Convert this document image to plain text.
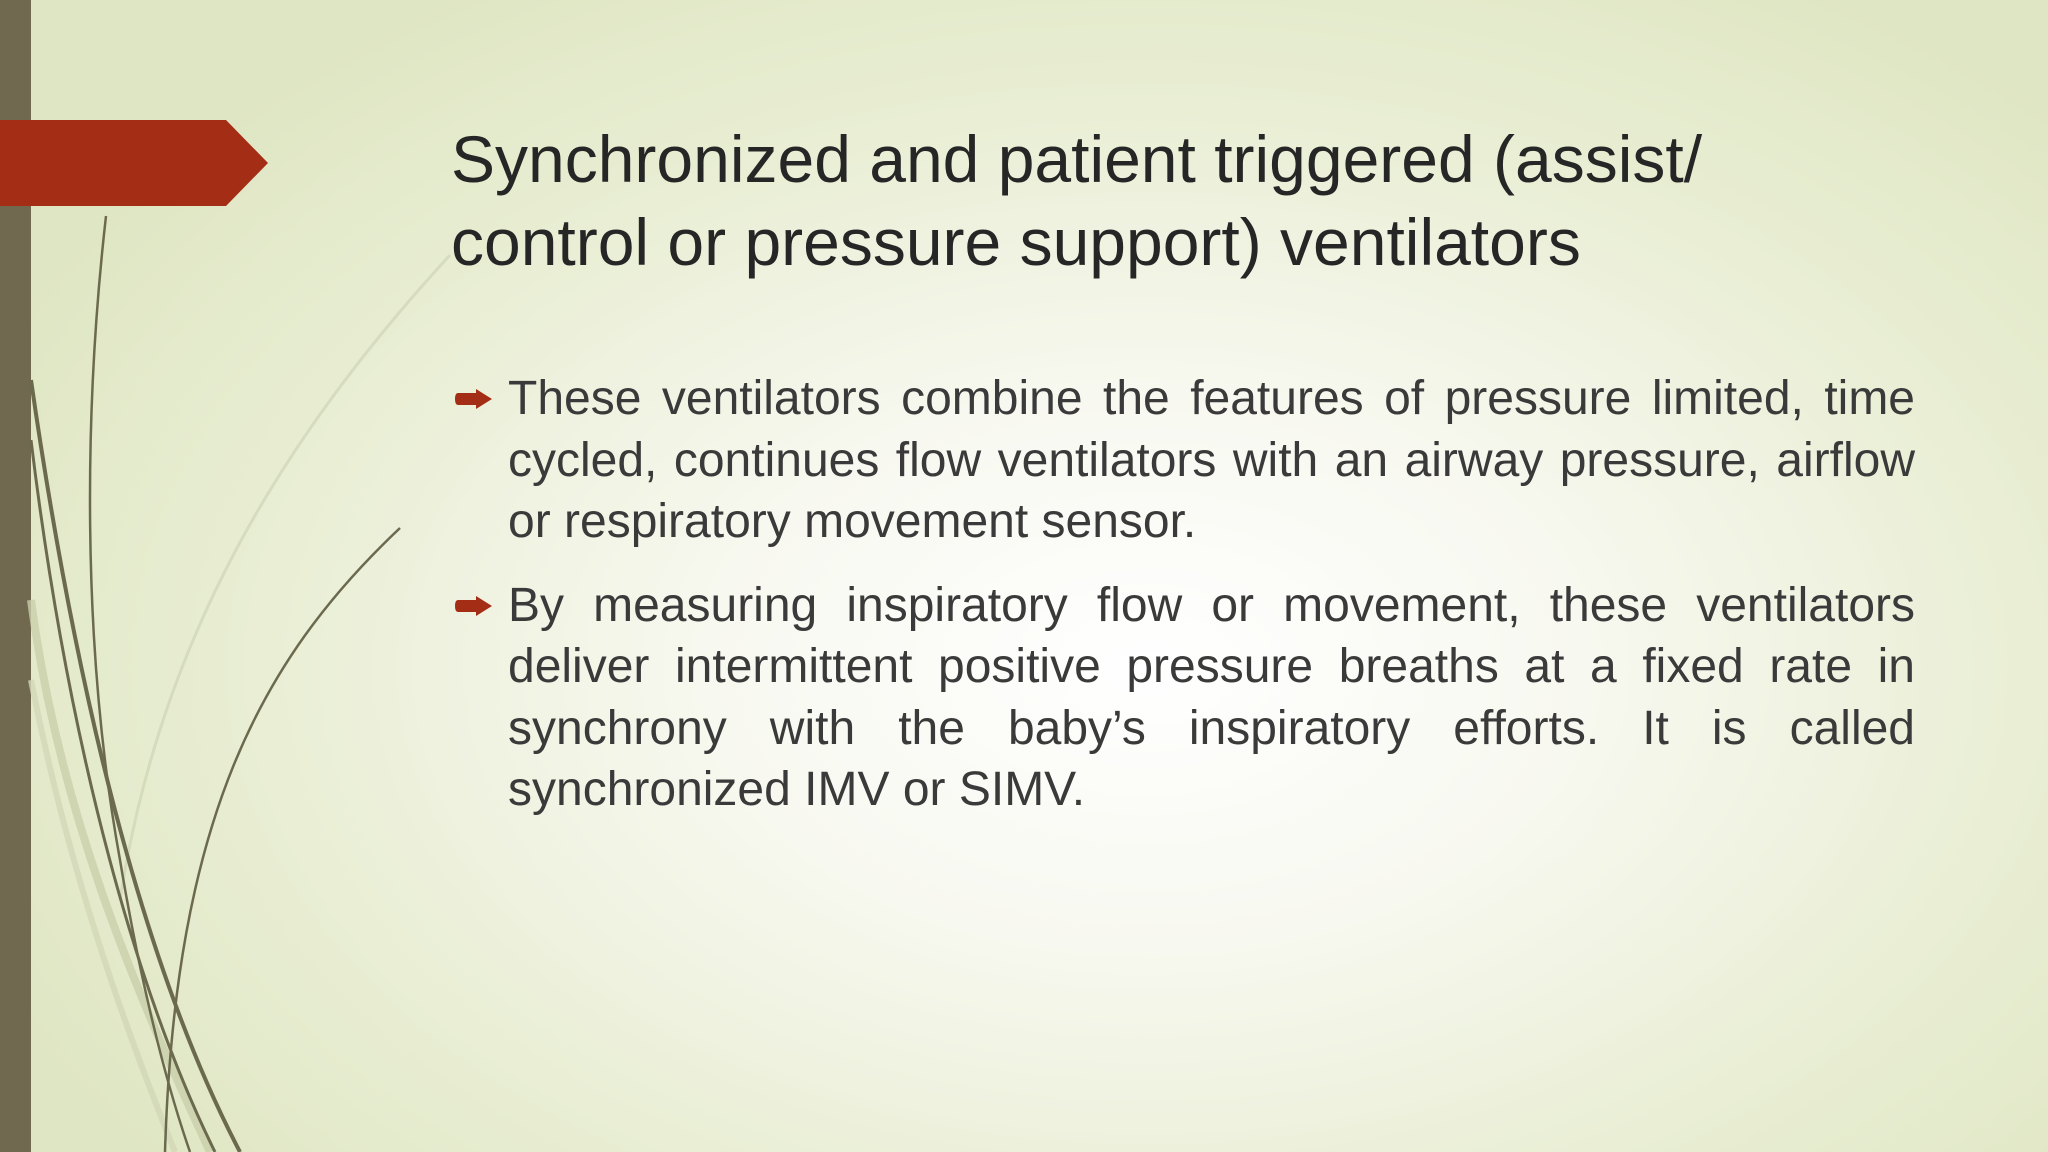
Synchronized and patient triggered (assist/
control or pressure support) ventilators
These ventilators combine the features of pressure limited, time cycled, continues flow ventilators with an airway pressure, airflow or respiratory movement sensor.
By measuring inspiratory flow or movement, these ventilators deliver intermittent positive pressure breaths at a fixed rate in synchrony with the baby’s inspiratory efforts. It is called synchronized IMV or SIMV.
